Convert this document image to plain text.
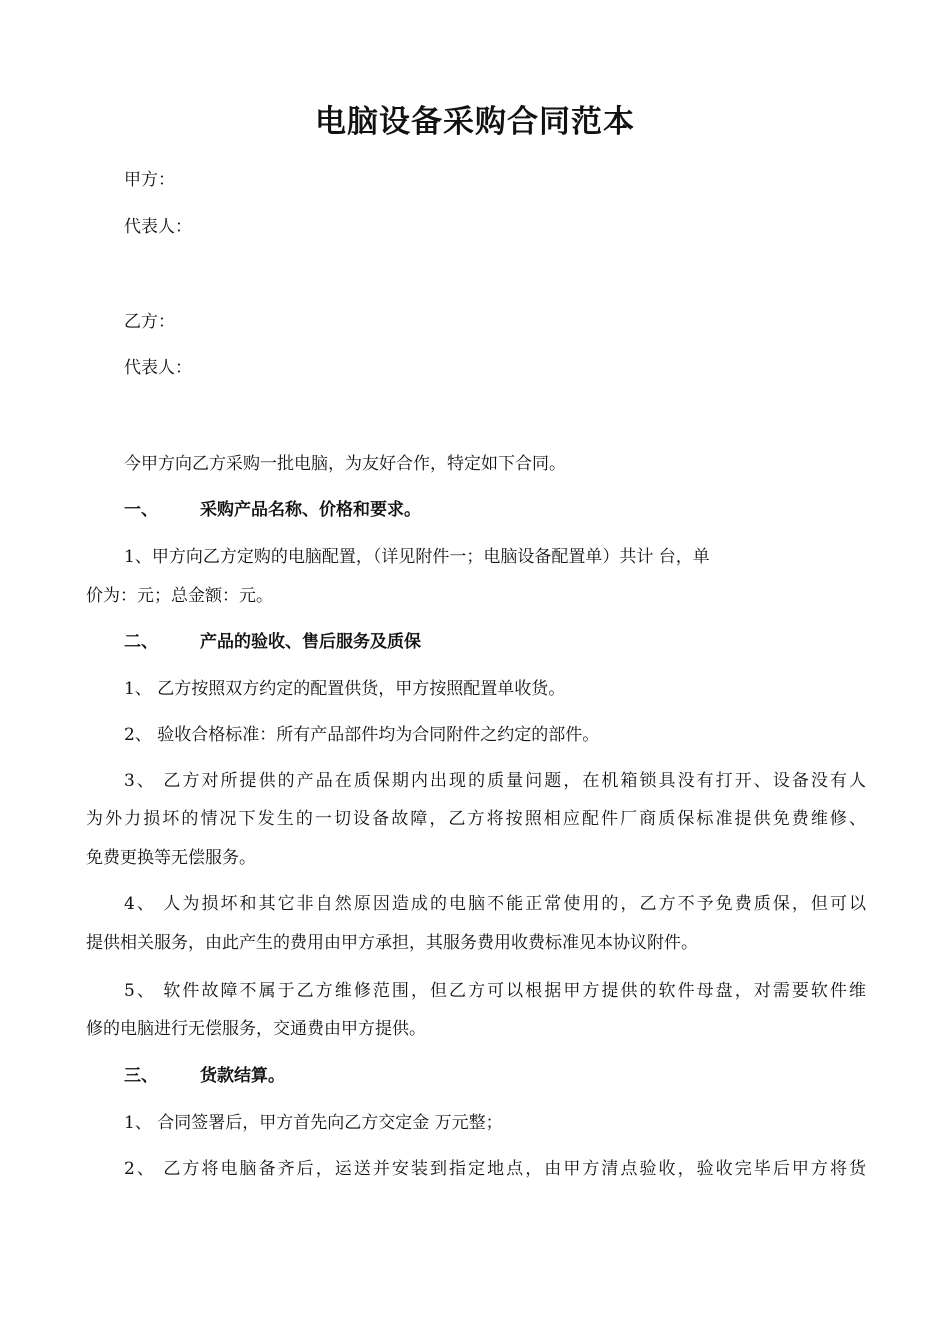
电脑设备采购合同范本
甲方：
代表人：
乙方：
代表人：
今甲方向乙方采购一批电脑，为友好合作，特定如下合同。
一、 采购产品名称、价格和要求。
1、甲方向乙方定购的电脑配置，（详见附件一；电脑设备配置单）共计 台，单
价为：元；总金额：元。
二、 产品的验收、售后服务及质保
1、 乙方按照双方约定的配置供货，甲方按照配置单收货。
2、 验收合格标准：所有产品部件均为合同附件之约定的部件。
3、 乙方对所提供的产品在质保期内出现的质量问题，在机箱锁具没有打开、设备没有人
为外力损坏的情况下发生的一切设备故障，乙方将按照相应配件厂商质保标准提供免费维修、
免费更换等无偿服务。
4、 人为损坏和其它非自然原因造成的电脑不能正常使用的，乙方不予免费质保，但可以
提供相关服务，由此产生的费用由甲方承担，其服务费用收费标准见本协议附件。
5、 软件故障不属于乙方维修范围，但乙方可以根据甲方提供的软件母盘，对需要软件维
修的电脑进行无偿服务，交通费由甲方提供。
三、 货款结算。
1、 合同签署后，甲方首先向乙方交定金 万元整；
2、 乙方将电脑备齐后，运送并安装到指定地点，由甲方清点验收，验收完毕后甲方将货
